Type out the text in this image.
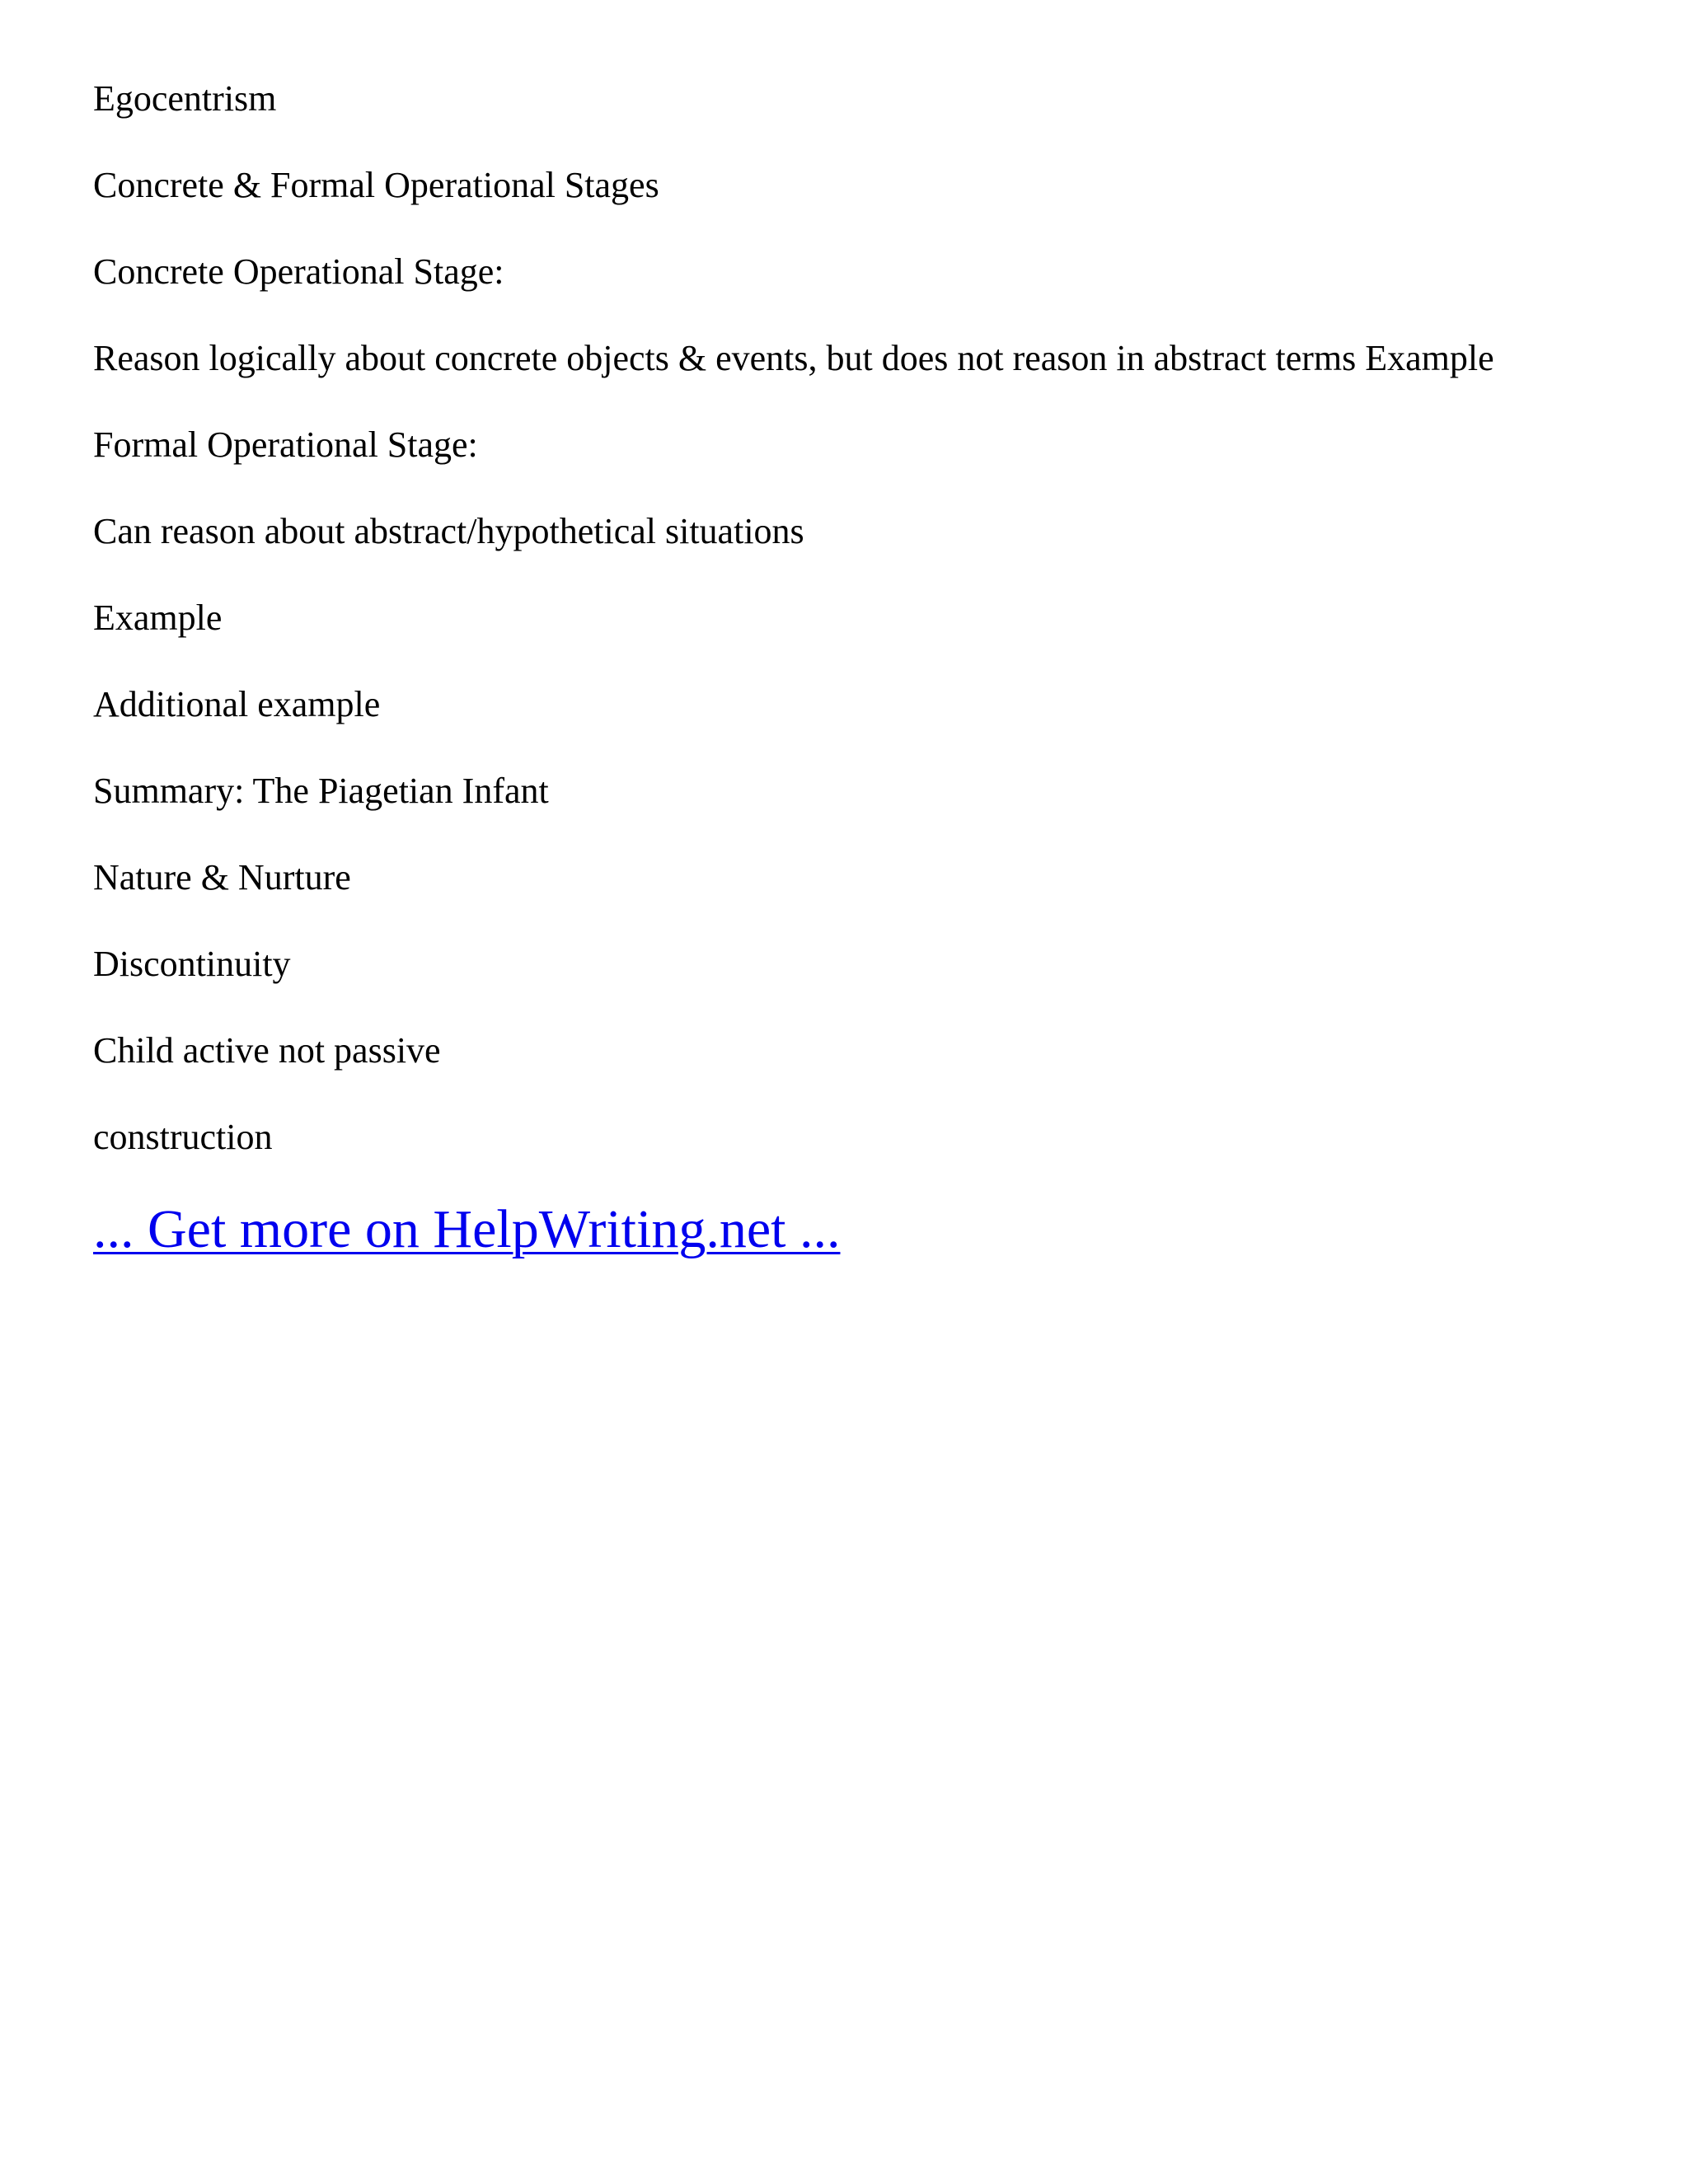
Egocentrism
Concrete & Formal Operational Stages
Concrete Operational Stage:
Reason logically about concrete objects & events, but does not reason in abstract terms Example
Formal Operational Stage:
Can reason about abstract/hypothetical situations
Example
Additional example
Summary: The Piagetian Infant
Nature & Nurture
Discontinuity
Child active not passive
construction
... Get more on HelpWriting.net ...
